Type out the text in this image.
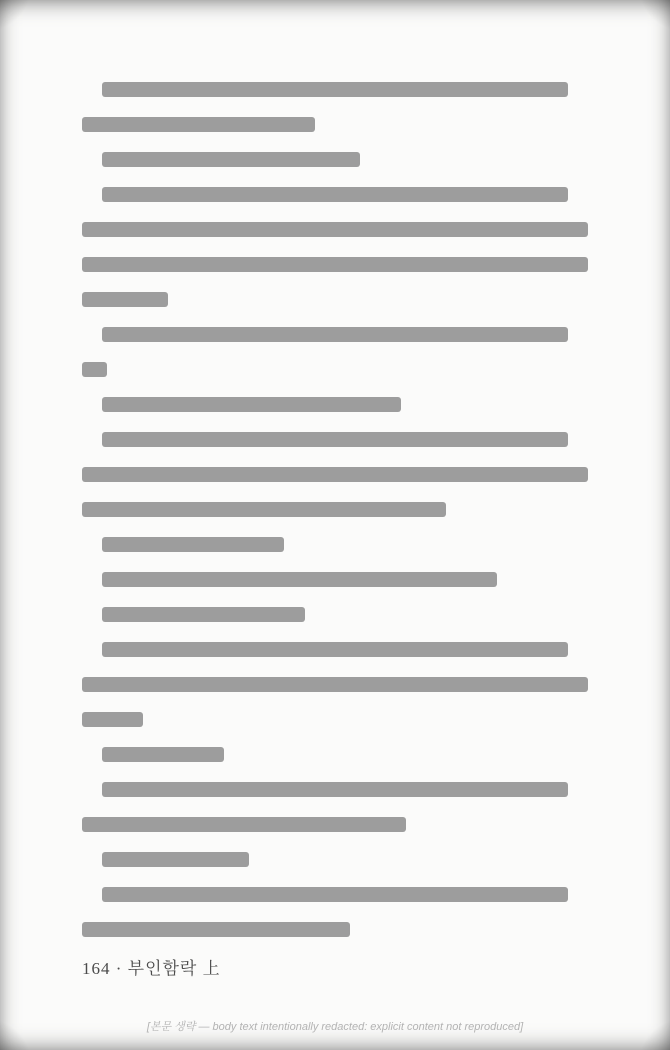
164 · 부인함락 上
[본문 생략 — body text intentionally redacted: explicit content not reproduced]
